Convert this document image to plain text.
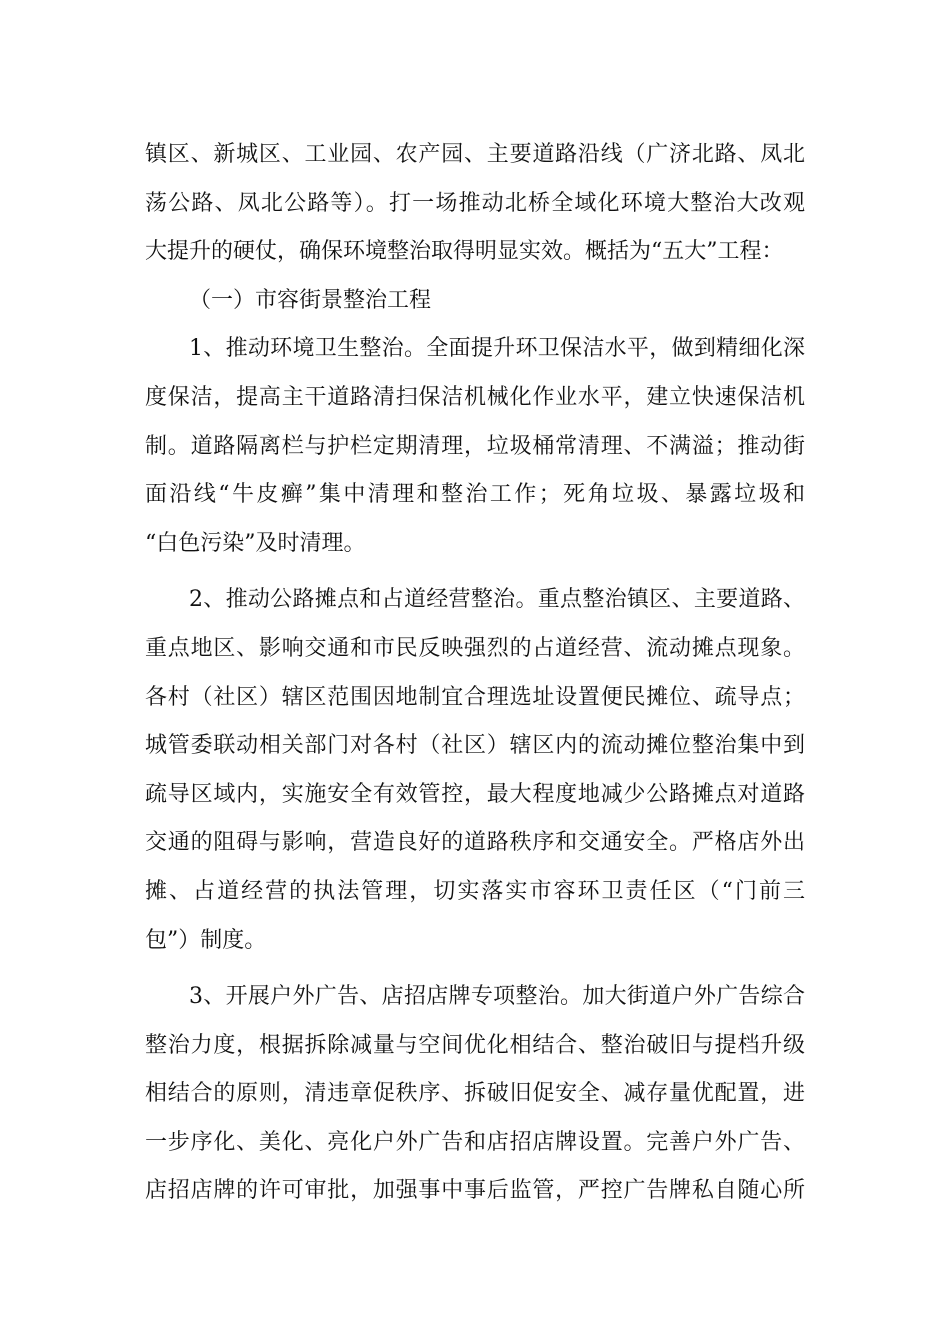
镇区、新城区、工业园、农产园、主要道路沿线（广济北路、凤北
荡公路、凤北公路等）。打一场推动北桥全域化环境大整治大改观
大提升的硬仗，确保环境整治取得明显实效。概括为“五大”工程：
（一）市容街景整治工程
1、推动环境卫生整治。全面提升环卫保洁水平，做到精细化深
度保洁，提高主干道路清扫保洁机械化作业水平，建立快速保洁机
制。道路隔离栏与护栏定期清理，垃圾桶常清理、不满溢；推动街
面沿线“牛皮癣”集中清理和整治工作；死角垃圾、暴露垃圾和
“白色污染”及时清理。
2、推动公路摊点和占道经营整治。重点整治镇区、主要道路、
重点地区、影响交通和市民反映强烈的占道经营、流动摊点现象。
各村（社区）辖区范围因地制宜合理选址设置便民摊位、疏导点；
城管委联动相关部门对各村（社区）辖区内的流动摊位整治集中到
疏导区域内，实施安全有效管控，最大程度地减少公路摊点对道路
交通的阻碍与影响，营造良好的道路秩序和交通安全。严格店外出
摊、占道经营的执法管理，切实落实市容环卫责任区（“门前三
包”）制度。
3、开展户外广告、店招店牌专项整治。加大街道户外广告综合
整治力度，根据拆除减量与空间优化相结合、整治破旧与提档升级
相结合的原则，清违章促秩序、拆破旧促安全、减存量优配置，进
一步序化、美化、亮化户外广告和店招店牌设置。完善户外广告、
店招店牌的许可审批，加强事中事后监管，严控广告牌私自随心所
